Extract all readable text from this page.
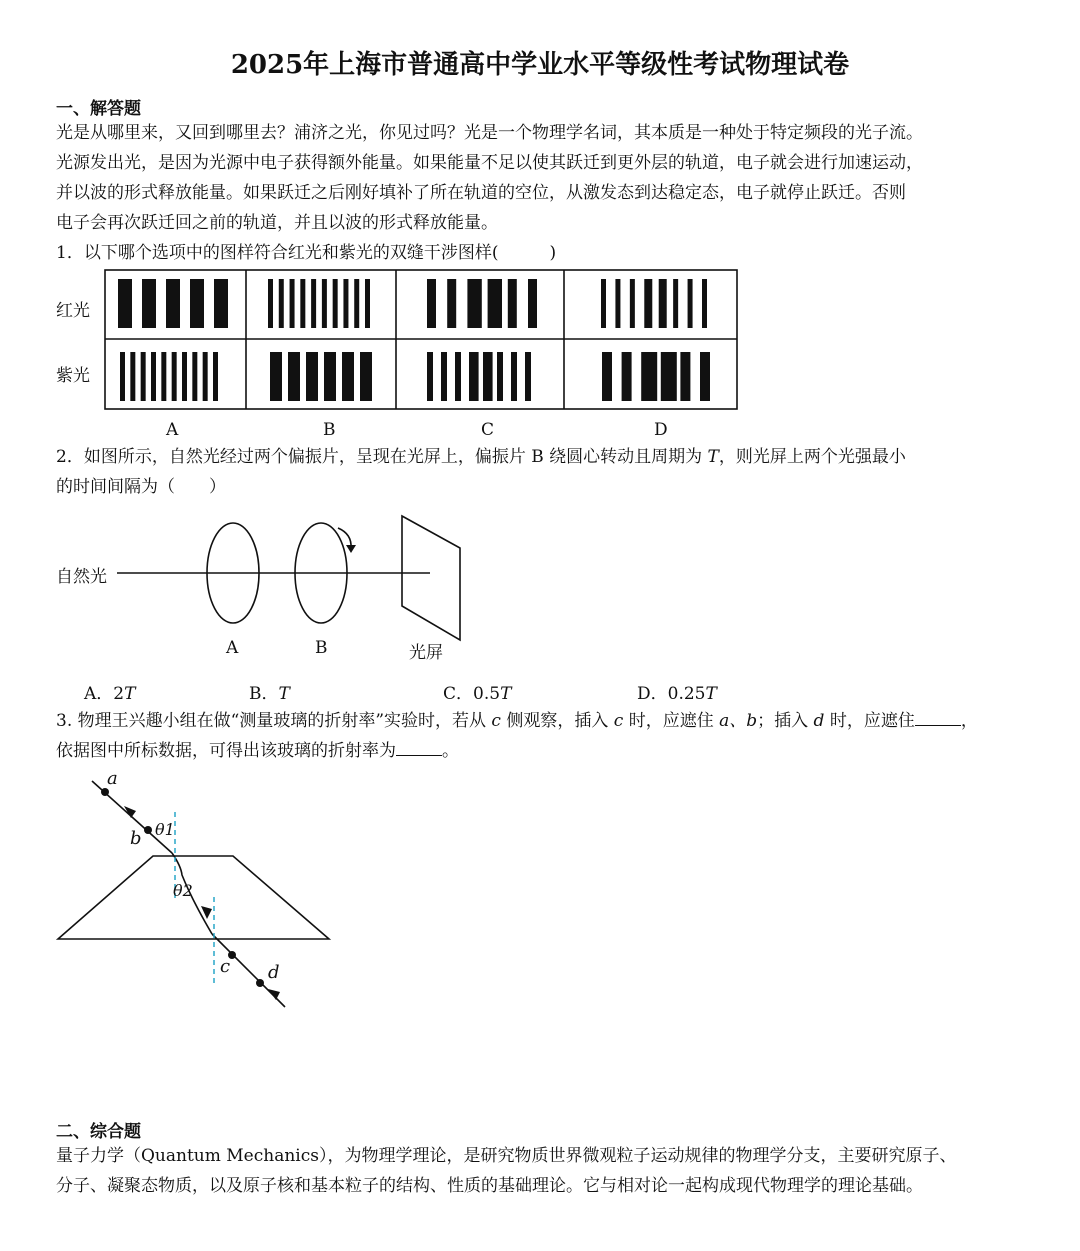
2025年上海市普通高中学业水平等级性考试物理试卷
一、解答题
光是从哪里来，又回到哪里去？浦济之光，你见过吗？光是一个物理学名词，其本质是一种处于特定频段的光子流。
光源发出光，是因为光源中电子获得额外能量。如果能量不足以使其跃迁到更外层的轨道，电子就会进行加速运动，
并以波的形式释放能量。如果跃迁之后刚好填补了所在轨道的空位，从激发态到达稳定态，电子就停止跃迁。否则
电子会再次跃迁回之前的轨道，并且以波的形式释放能量。
1．以下哪个选项中的图样符合红光和紫光的双缝干涉图样(　　　)
红光
紫光
A	B	C	D
2．如图所示，自然光经过两个偏振片，呈现在光屏上，偏振片 B 绕圆心转动且周期为 T，则光屏上两个光强最小
的时间间隔为（　　）
自然光
A	B	光屏
A．2T	B．T	C．0.5T	D．0.25T
3. 物理王兴趣小组在做“测量玻璃的折射率”实验时，若从 c 侧观察，插入 c 时，应遮住 a、b；插入 d 时，应遮住	，
依据图中所标数据，可得出该玻璃的折射率为	。
a
b
c d
θ1
θ2
二、综合题
量子力学（Quantum Mechanics），为物理学理论，是研究物质世界微观粒子运动规律的物理学分支，主要研究原子、
分子、凝聚态物质，以及原子核和基本粒子的结构、性质的基础理论。它与相对论一起构成现代物理学的理论基础。
